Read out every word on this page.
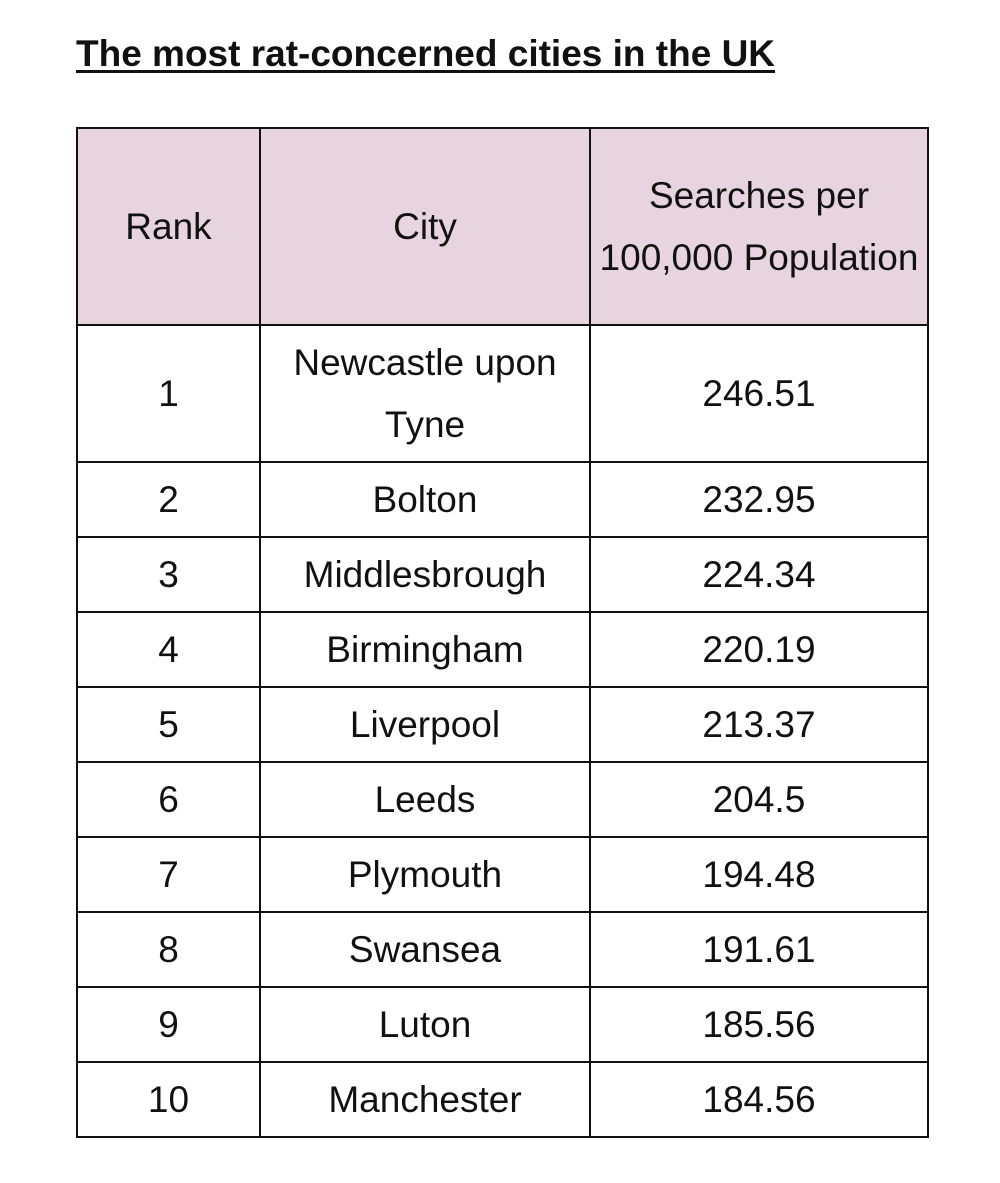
The most rat-concerned cities in the UK
Rank	City	Searches per 100,000 Population
1	Newcastle upon Tyne	246.51
2	Bolton	232.95
3	Middlesbrough	224.34
4	Birmingham	220.19
5	Liverpool	213.37
6	Leeds	204.5
7	Plymouth	194.48
8	Swansea	191.61
9	Luton	185.56
10	Manchester	184.56
